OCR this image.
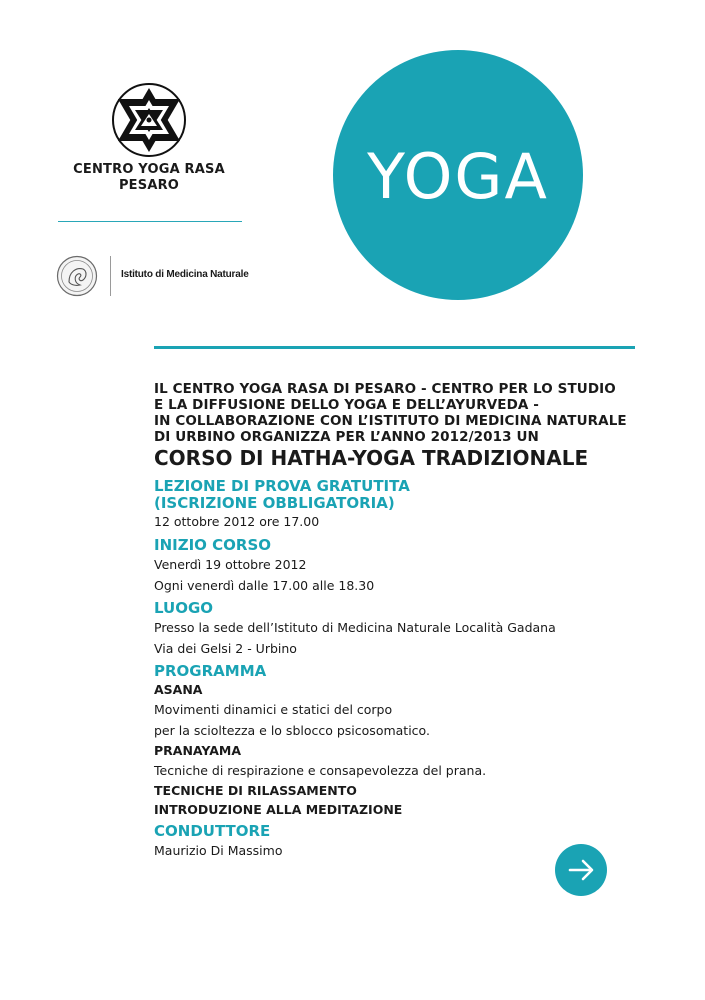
CENTRO YOGA RASA
PESARO
Istituto di Medicina Naturale
YOGA
IL CENTRO YOGA RASA DI PESARO - CENTRO PER LO STUDIO
E LA DIFFUSIONE DELLO YOGA E DELL’AYURVEDA -
IN COLLABORAZIONE CON L’ISTITUTO DI MEDICINA NATURALE
DI URBINO ORGANIZZA PER L’ANNO 2012/2013 UN
CORSO DI HATHA-YOGA TRADIZIONALE
LEZIONE DI PROVA GRATUTITA
(ISCRIZIONE OBBLIGATORIA)
12 ottobre 2012 ore 17.00
INIZIO CORSO
Venerdì 19 ottobre 2012
Ogni venerdì dalle 17.00 alle 18.30
LUOGO
Presso la sede dell’Istituto di Medicina Naturale Località Gadana
Via dei Gelsi 2 - Urbino
PROGRAMMA
ASANA
Movimenti dinamici e statici del corpo
per la scioltezza e lo sblocco psicosomatico.
PRANAYAMA
Tecniche di respirazione e consapevolezza del prana.
TECNICHE DI RILASSAMENTO
INTRODUZIONE ALLA MEDITAZIONE
CONDUTTORE
Maurizio Di Massimo
